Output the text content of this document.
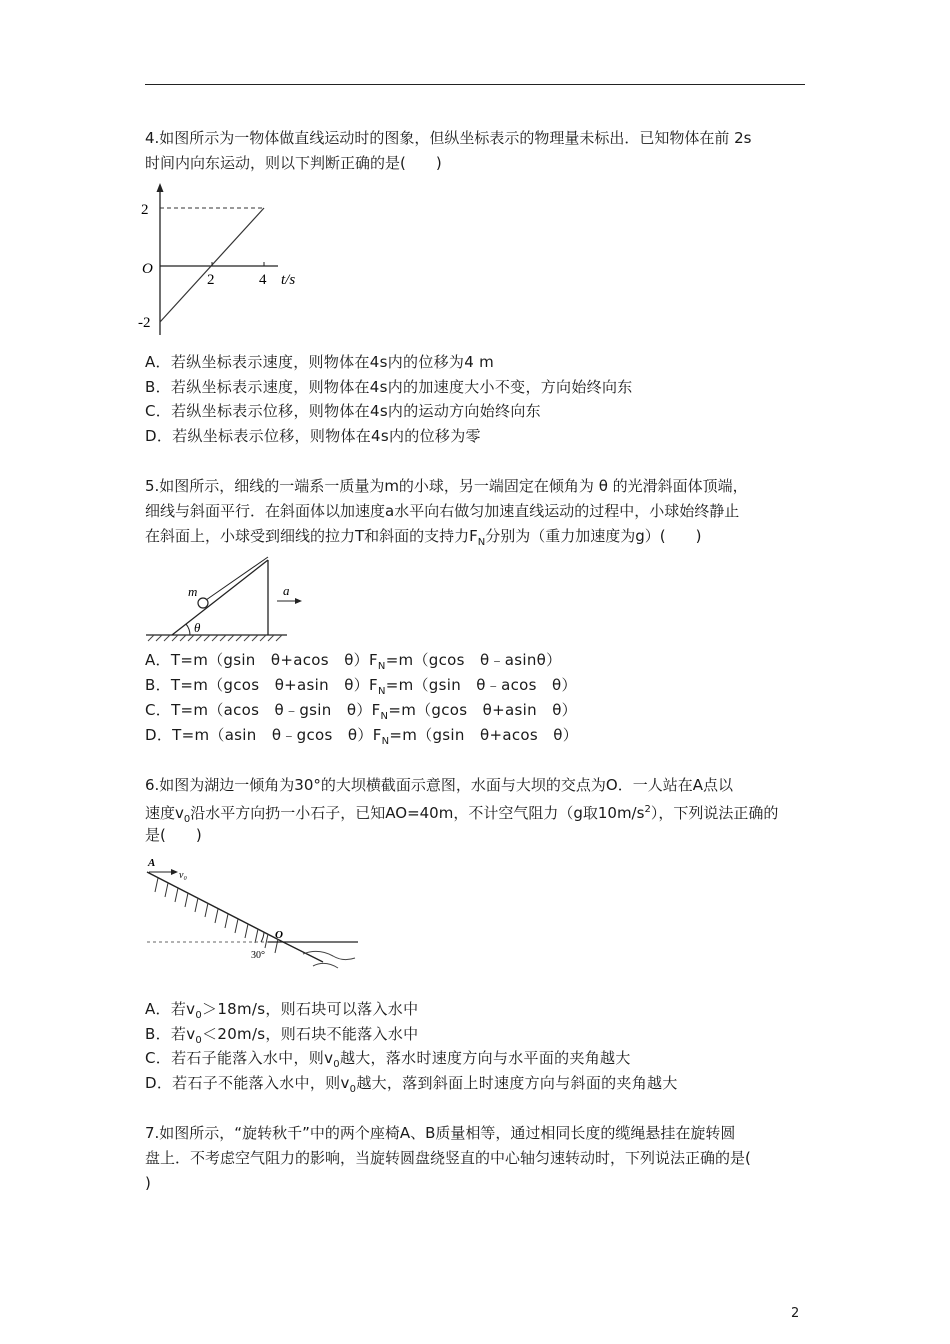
4.如图所示为一物体做直线运动时的图象，但纵坐标表示的物理量未标出．已知物体在前 2s
时间内向东运动，则以下判断正确的是(　　)
2
O
-2
2	4 t/s
A．若纵坐标表示速度，则物体在4s内的位移为4 m
B．若纵坐标表示速度，则物体在4s内的加速度大小不变，方向始终向东
C．若纵坐标表示位移，则物体在4s内的运动方向始终向东
D．若纵坐标表示位移，则物体在4s内的位移为零
5.如图所示，细线的一端系一质量为m的小球，另一端固定在倾角为 θ 的光滑斜面体顶端，
细线与斜面平行．在斜面体以加速度a水平向右做匀加速直线运动的过程中，小球始终静止
在斜面上，小球受到细线的拉力T和斜面的支持力$F_N$分别为（重力加速度为g）(　　)
θ
m	a
A．T=m（gsin　θ+acos　$\theta)F_N=m(gcos$　θ﹣asinθ）
B．T=m（gcos　θ+asin　$\theta)F_N=m(gsin$　θ﹣acos　θ）
C．T=m（acos　θ﹣gsin　$\theta)F_N=m(gcos$　θ+asin　θ）
D．T=m（asin　θ﹣gcos　$\theta)F_N=m(gsin$　θ+acos　θ）
6.如图为湖边一倾角为30°的大坝横截面示意图，水面与大坝的交点为O．一人站在A点以
速度$v_0$沿水平方向扔一小石子，已知AO=40m，不计空气阻力（g取$10m/s^2$），下列说法正确的
是(　　)
A
v₀
O
30°
A．若$v_0>18m/s$，则石块可以落入水中
B．若$v_0<20m/s$，则石块不能落入水中
C．若石子能落入水中，则$v_0$越大，落水时速度方向与水平面的夹角越大
D．若石子不能落入水中，则$v_0$越大，落到斜面上时速度方向与斜面的夹角越大
7.如图所示，“旋转秋千”中的两个座椅A、B质量相等，通过相同长度的缆绳悬挂在旋转圆
盘上．不考虑空气阻力的影响，当旋转圆盘绕竖直的中心轴匀速转动时，下列说法正确的是(
)
2
